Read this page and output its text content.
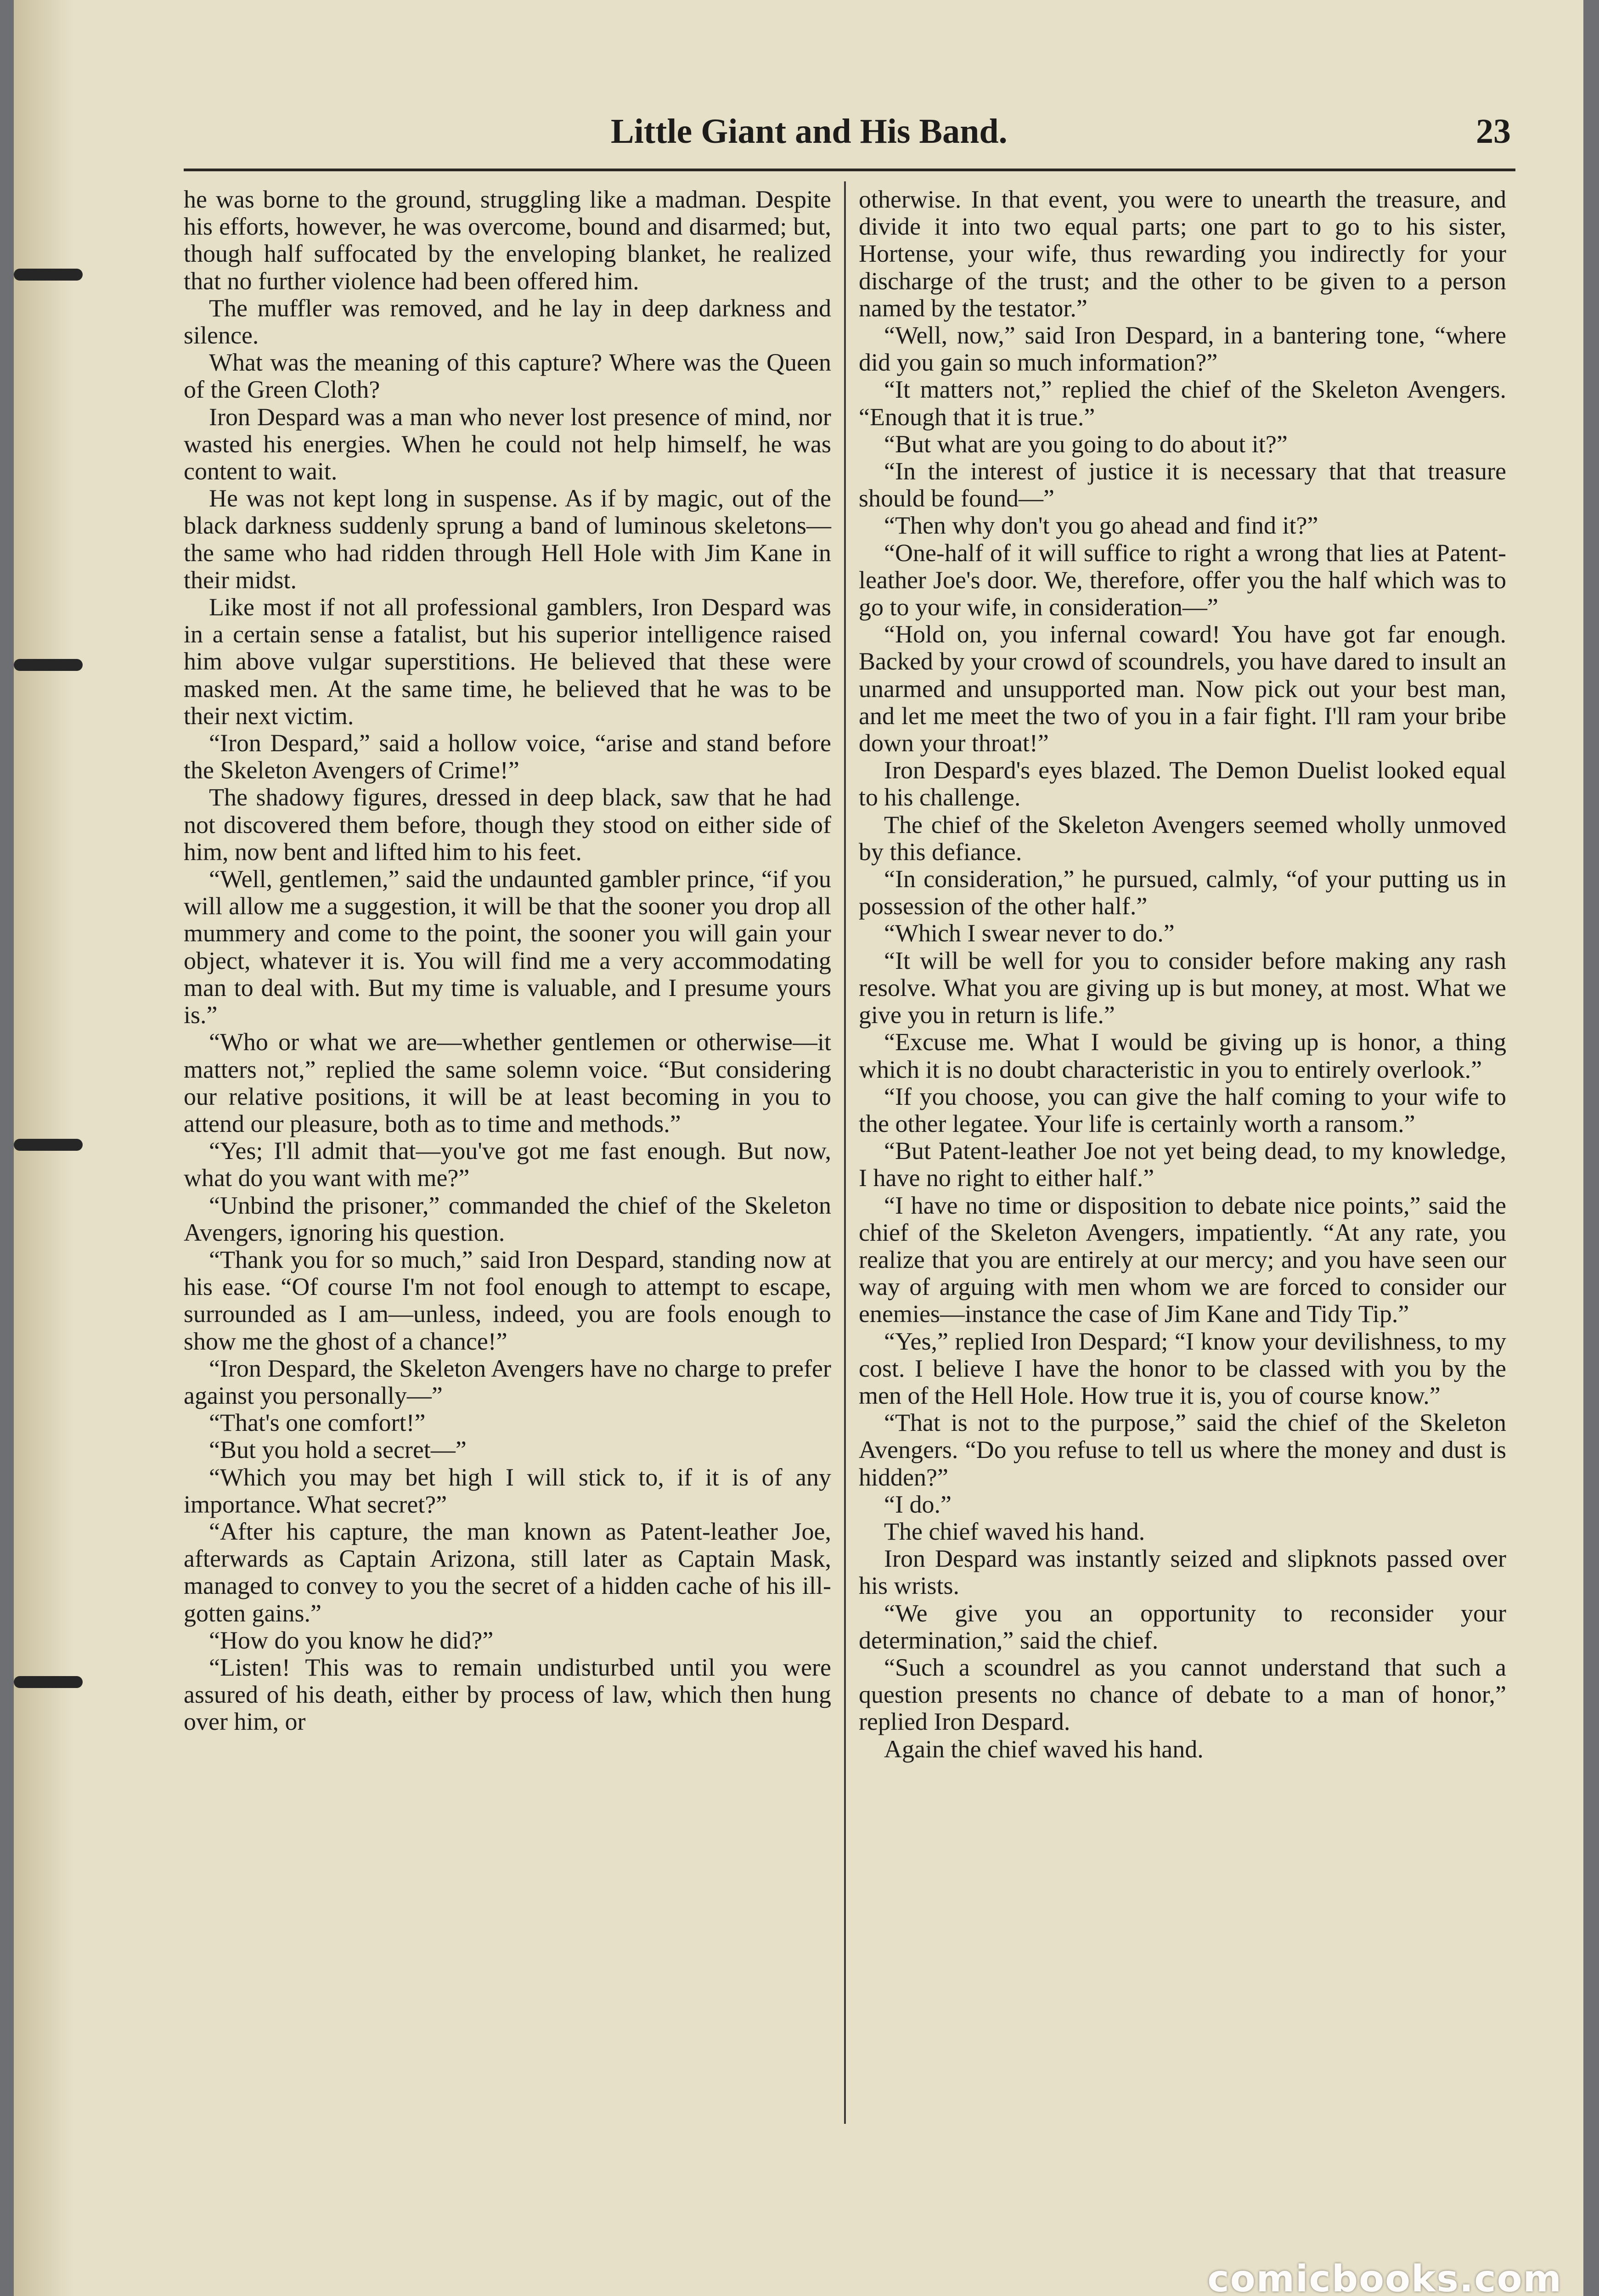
Little Giant and His Band.	23

he was borne to the ground, struggling like a madman. Despite his efforts, however, he was overcome, bound and disarmed; but, though half suffocated by the enveloping blanket, he realized that no further violence had been offered him.

The muffler was removed, and he lay in deep darkness and silence.

What was the meaning of this capture? Where was the Queen of the Green Cloth?

Iron Despard was a man who never lost presence of mind, nor wasted his energies. When he could not help himself, he was content to wait.

He was not kept long in suspense. As if by magic, out of the black darkness suddenly sprung a band of luminous skeletons—the same who had ridden through Hell Hole with Jim Kane in their midst.

Like most if not all professional gamblers, Iron Despard was in a certain sense a fatalist, but his superior intelligence raised him above vulgar superstitions. He believed that these were masked men. At the same time, he believed that he was to be their next victim.

“Iron Despard,” said a hollow voice, “arise and stand before the Skeleton Avengers of Crime!”

The shadowy figures, dressed in deep black, saw that he had not discovered them before, though they stood on either side of him, now bent and lifted him to his feet.

“Well, gentlemen,” said the undaunted gambler prince, “if you will allow me a suggestion, it will be that the sooner you drop all mummery and come to the point, the sooner you will gain your object, whatever it is. You will find me a very accommodating man to deal with. But my time is valuable, and I presume yours is.”

“Who or what we are—whether gentlemen or otherwise—it matters not,” replied the same solemn voice. “But considering our relative positions, it will be at least becoming in you to attend our pleasure, both as to time and methods.”

“Yes; I'll admit that—you've got me fast enough. But now, what do you want with me?”

“Unbind the prisoner,” commanded the chief of the Skeleton Avengers, ignoring his question.

“Thank you for so much,” said Iron Despard, standing now at his ease. “Of course I'm not fool enough to attempt to escape, surrounded as I am—unless, indeed, you are fools enough to show me the ghost of a chance!”

“Iron Despard, the Skeleton Avengers have no charge to prefer against you personally—”

“That's one comfort!”

“But you hold a secret—”

“Which you may bet high I will stick to, if it is of any importance. What secret?”

“After his capture, the man known as Patent-leather Joe, afterwards as Captain Arizona, still later as Captain Mask, managed to convey to you the secret of a hidden cache of his ill-gotten gains.”

“How do you know he did?”

“Listen! This was to remain undisturbed until you were assured of his death, either by process of law, which then hung over him, or

otherwise. In that event, you were to unearth the treasure, and divide it into two equal parts; one part to go to his sister, Hortense, your wife, thus rewarding you indirectly for your discharge of the trust; and the other to be given to a person named by the testator.”

“Well, now,” said Iron Despard, in a bantering tone, “where did you gain so much information?”

“It matters not,” replied the chief of the Skeleton Avengers. “Enough that it is true.”

“But what are you going to do about it?”

“In the interest of justice it is necessary that that treasure should be found—”

“Then why don't you go ahead and find it?”

“One-half of it will suffice to right a wrong that lies at Patent-leather Joe's door. We, therefore, offer you the half which was to go to your wife, in consideration—”

“Hold on, you infernal coward! You have got far enough. Backed by your crowd of scoundrels, you have dared to insult an unarmed and unsupported man. Now pick out your best man, and let me meet the two of you in a fair fight. I'll ram your bribe down your throat!”

Iron Despard's eyes blazed. The Demon Duelist looked equal to his challenge.

The chief of the Skeleton Avengers seemed wholly unmoved by this defiance.

“In consideration,” he pursued, calmly, “of your putting us in possession of the other half.”

“Which I swear never to do.”

“It will be well for you to consider before making any rash resolve. What you are giving up is but money, at most. What we give you in return is life.”

“Excuse me. What I would be giving up is honor, a thing which it is no doubt characteristic in you to entirely overlook.”

“If you choose, you can give the half coming to your wife to the other legatee. Your life is certainly worth a ransom.”

“But Patent-leather Joe not yet being dead, to my knowledge, I have no right to either half.”

“I have no time or disposition to debate nice points,” said the chief of the Skeleton Avengers, impatiently. “At any rate, you realize that you are entirely at our mercy; and you have seen our way of arguing with men whom we are forced to consider our enemies—instance the case of Jim Kane and Tidy Tip.”

“Yes,” replied Iron Despard; “I know your devilishness, to my cost. I believe I have the honor to be classed with you by the men of the Hell Hole. How true it is, you of course know.”

“That is not to the purpose,” said the chief of the Skeleton Avengers. “Do you refuse to tell us where the money and dust is hidden?”

“I do.”

The chief waved his hand.

Iron Despard was instantly seized and slipknots passed over his wrists.

“We give you an opportunity to reconsider your determination,” said the chief.

“Such a scoundrel as you cannot understand that such a question presents no chance of debate to a man of honor,” replied Iron Despard.

Again the chief waved his hand.

comicbooks.com
